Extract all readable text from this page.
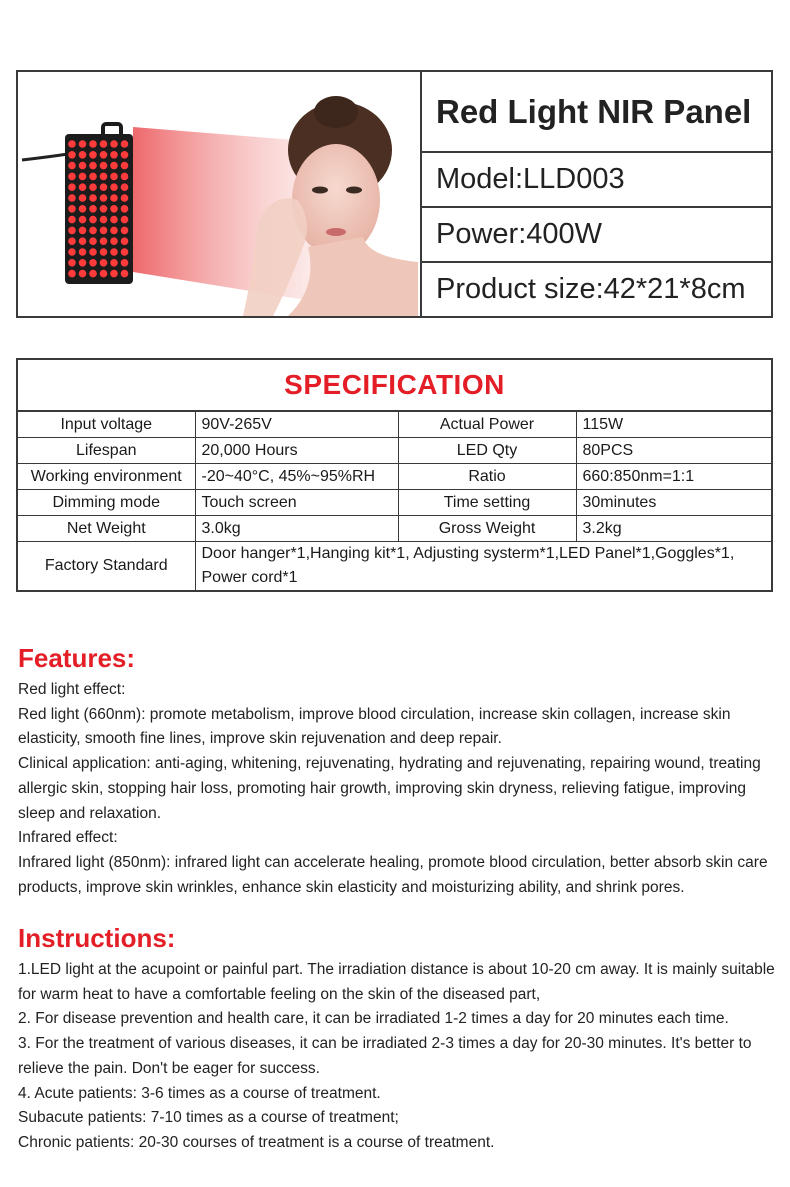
Red Light NIR Panel
Model:LLD003
Power:400W
Product size:42*21*8cm
SPECIFICATION
Input voltage	90V-265V	Actual Power	115W
Lifespan	20,000 Hours	LED Qty	80PCS
Working environment	-20~40°C, 45%~95%RH	Ratio	660:850nm=1:1
Dimming mode	Touch screen	Time setting	30minutes
Net Weight	3.0kg	Gross Weight	3.2kg
Factory Standard	Door hanger*1,Hanging kit*1, Adjusting systerm*1,LED Panel*1,Goggles*1, Power cord*1		
Features:

Red light effect:

Red light (660nm): promote metabolism, improve blood circulation, increase skin collagen, increase skin elasticity, smooth fine lines, improve skin rejuvenation and deep repair.

Clinical application: anti-aging, whitening, rejuvenating, hydrating and rejuvenating, repairing wound, treating allergic skin, stopping hair loss, promoting hair growth, improving skin dryness, relieving fatigue, improving sleep and relaxation.

Infrared effect:

Infrared light (850nm): infrared light can accelerate healing, promote blood circulation, better absorb skin care products, improve skin wrinkles, enhance skin elasticity and moisturizing ability, and shrink pores.

Instructions:

1.LED light at the acupoint or painful part. The irradiation distance is about 10-20 cm away. It is mainly suitable for warm heat to have a comfortable feeling on the skin of the diseased part,

2. For disease prevention and health care, it can be irradiated 1-2 times a day for 20 minutes each time.

3. For the treatment of various diseases, it can be irradiated 2-3 times a day for 20-30 minutes. It's better to relieve the pain. Don't be eager for success.

4. Acute patients: 3-6 times as a course of treatment.

Subacute patients: 7-10 times as a course of treatment;

Chronic patients: 20-30 courses of treatment is a course of treatment.
